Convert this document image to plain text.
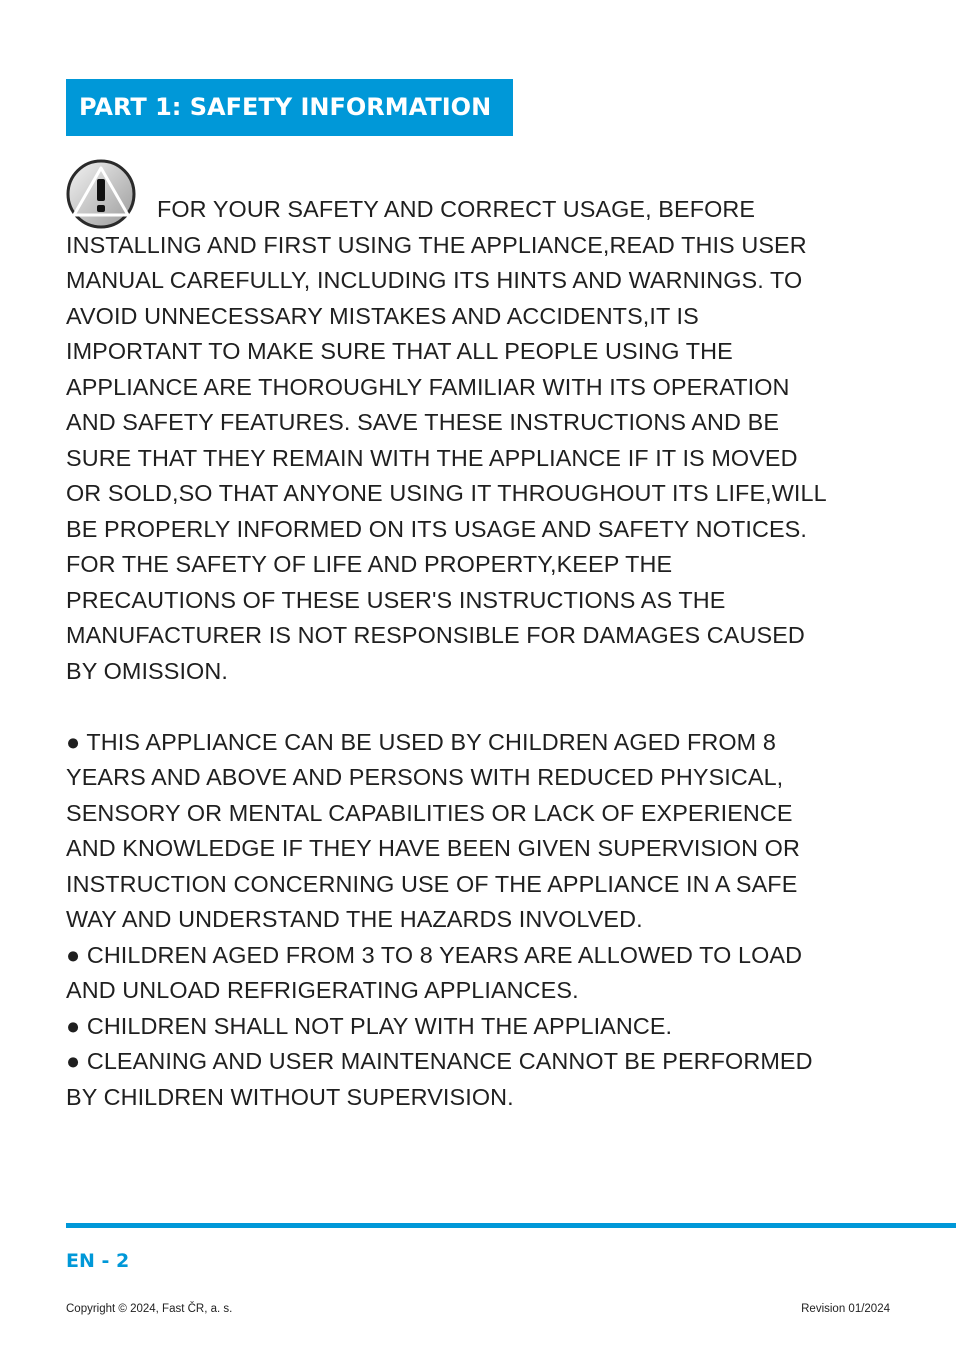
PART 1: SAFETY INFORMATION
FOR YOUR SAFETY AND CORRECT USAGE, BEFORE
INSTALLING AND FIRST USING THE APPLIANCE,READ THIS USER
MANUAL CAREFULLY, INCLUDING ITS HINTS AND WARNINGS. TO
AVOID UNNECESSARY MISTAKES AND ACCIDENTS,IT IS
IMPORTANT TO MAKE SURE THAT ALL PEOPLE USING THE
APPLIANCE ARE THOROUGHLY FAMILIAR WITH ITS OPERATION
AND SAFETY FEATURES. SAVE THESE INSTRUCTIONS AND BE
SURE THAT THEY REMAIN WITH THE APPLIANCE IF IT IS MOVED
OR SOLD,SO THAT ANYONE USING IT THROUGHOUT ITS LIFE,WILL
BE PROPERLY INFORMED ON ITS USAGE AND SAFETY NOTICES.
FOR THE SAFETY OF LIFE AND PROPERTY,KEEP THE
PRECAUTIONS OF THESE USER'S INSTRUCTIONS AS THE
MANUFACTURER IS NOT RESPONSIBLE FOR DAMAGES CAUSED
BY OMISSION.
● THIS APPLIANCE CAN BE USED BY CHILDREN AGED FROM 8
YEARS AND ABOVE AND PERSONS WITH REDUCED PHYSICAL,
SENSORY OR MENTAL CAPABILITIES OR LACK OF EXPERIENCE
AND KNOWLEDGE IF THEY HAVE BEEN GIVEN SUPERVISION OR
INSTRUCTION CONCERNING USE OF THE APPLIANCE IN A SAFE
WAY AND UNDERSTAND THE HAZARDS INVOLVED.
● CHILDREN AGED FROM 3 TO 8 YEARS ARE ALLOWED TO LOAD
AND UNLOAD REFRIGERATING APPLIANCES.
● CHILDREN SHALL NOT PLAY WITH THE APPLIANCE.
● CLEANING AND USER MAINTENANCE CANNOT BE PERFORMED
BY CHILDREN WITHOUT SUPERVISION.
EN - 2
Copyright © 2024, Fast ČR, a. s.	Revision 01/2024
